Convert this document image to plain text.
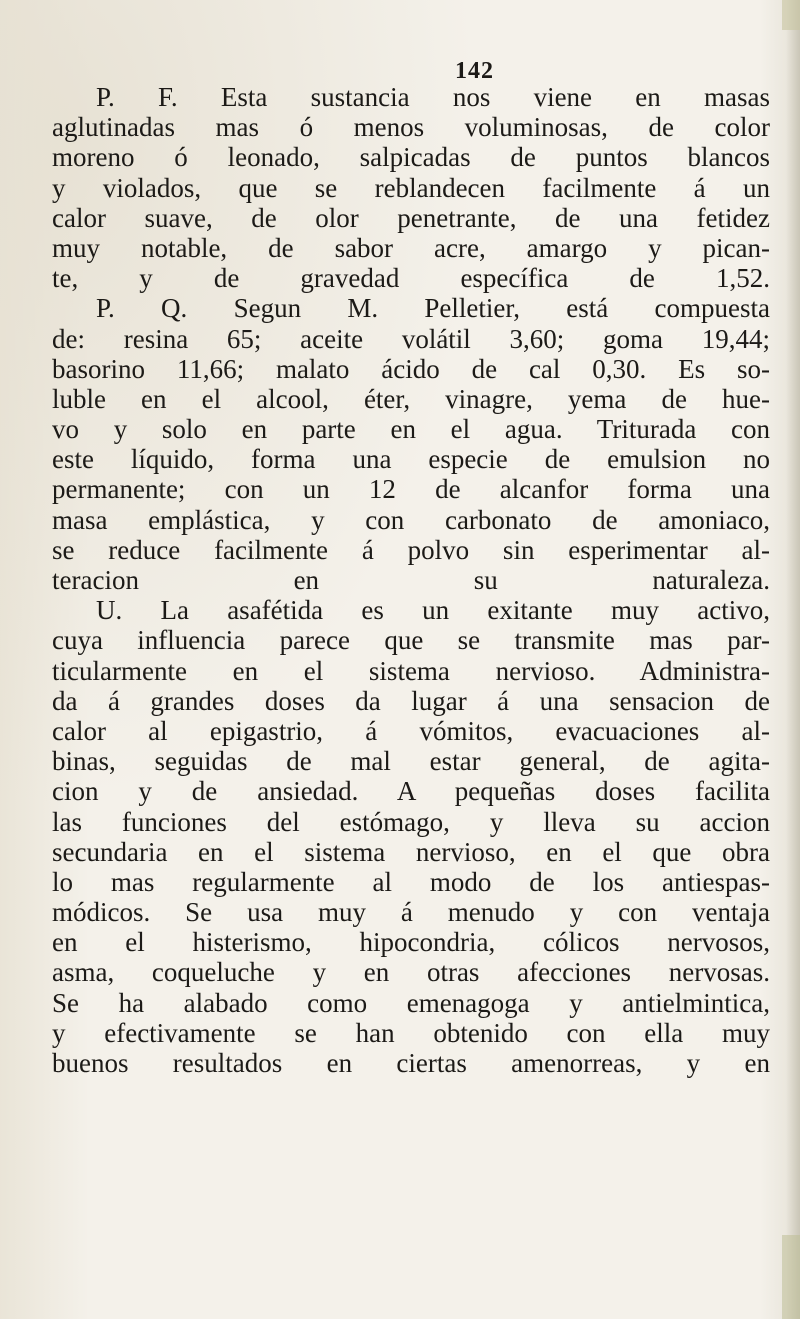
142
P. F. Esta sustancia nos viene en masas
aglutinadas mas ó menos voluminosas, de color
moreno ó leonado, salpicadas de puntos blancos
y violados, que se reblandecen facilmente á un
calor suave, de olor penetrante, de una fetidez
muy notable, de sabor acre, amargo y pican-
te, y de gravedad específica de 1,52.
P. Q. Segun M. Pelletier, está compuesta
de: resina 65; aceite volátil 3,60; goma 19,44;
basorino 11,66; malato ácido de cal 0,30. Es so-
luble en el alcool, éter, vinagre, yema de hue-
vo y solo en parte en el agua. Triturada con
este líquido, forma una especie de emulsion no
permanente; con un 12 de alcanfor forma una
masa emplástica, y con carbonato de amoniaco,
se reduce facilmente á polvo sin esperimentar al-
teracion en su naturaleza.
U. La asafétida es un exitante muy activo,
cuya influencia parece que se transmite mas par-
ticularmente en el sistema nervioso. Administra-
da á grandes doses da lugar á una sensacion de
calor al epigastrio, á vómitos, evacuaciones al-
binas, seguidas de mal estar general, de agita-
cion y de ansiedad. A pequeñas doses facilita
las funciones del estómago, y lleva su accion
secundaria en el sistema nervioso, en el que obra
lo mas regularmente al modo de los antiespas-
módicos. Se usa muy á menudo y con ventaja
en el histerismo, hipocondria, cólicos nervosos,
asma, coqueluche y en otras afecciones nervosas.
Se ha alabado como emenagoga y antielmintica,
y efectivamente se han obtenido con ella muy
buenos resultados en ciertas amenorreas, y en
